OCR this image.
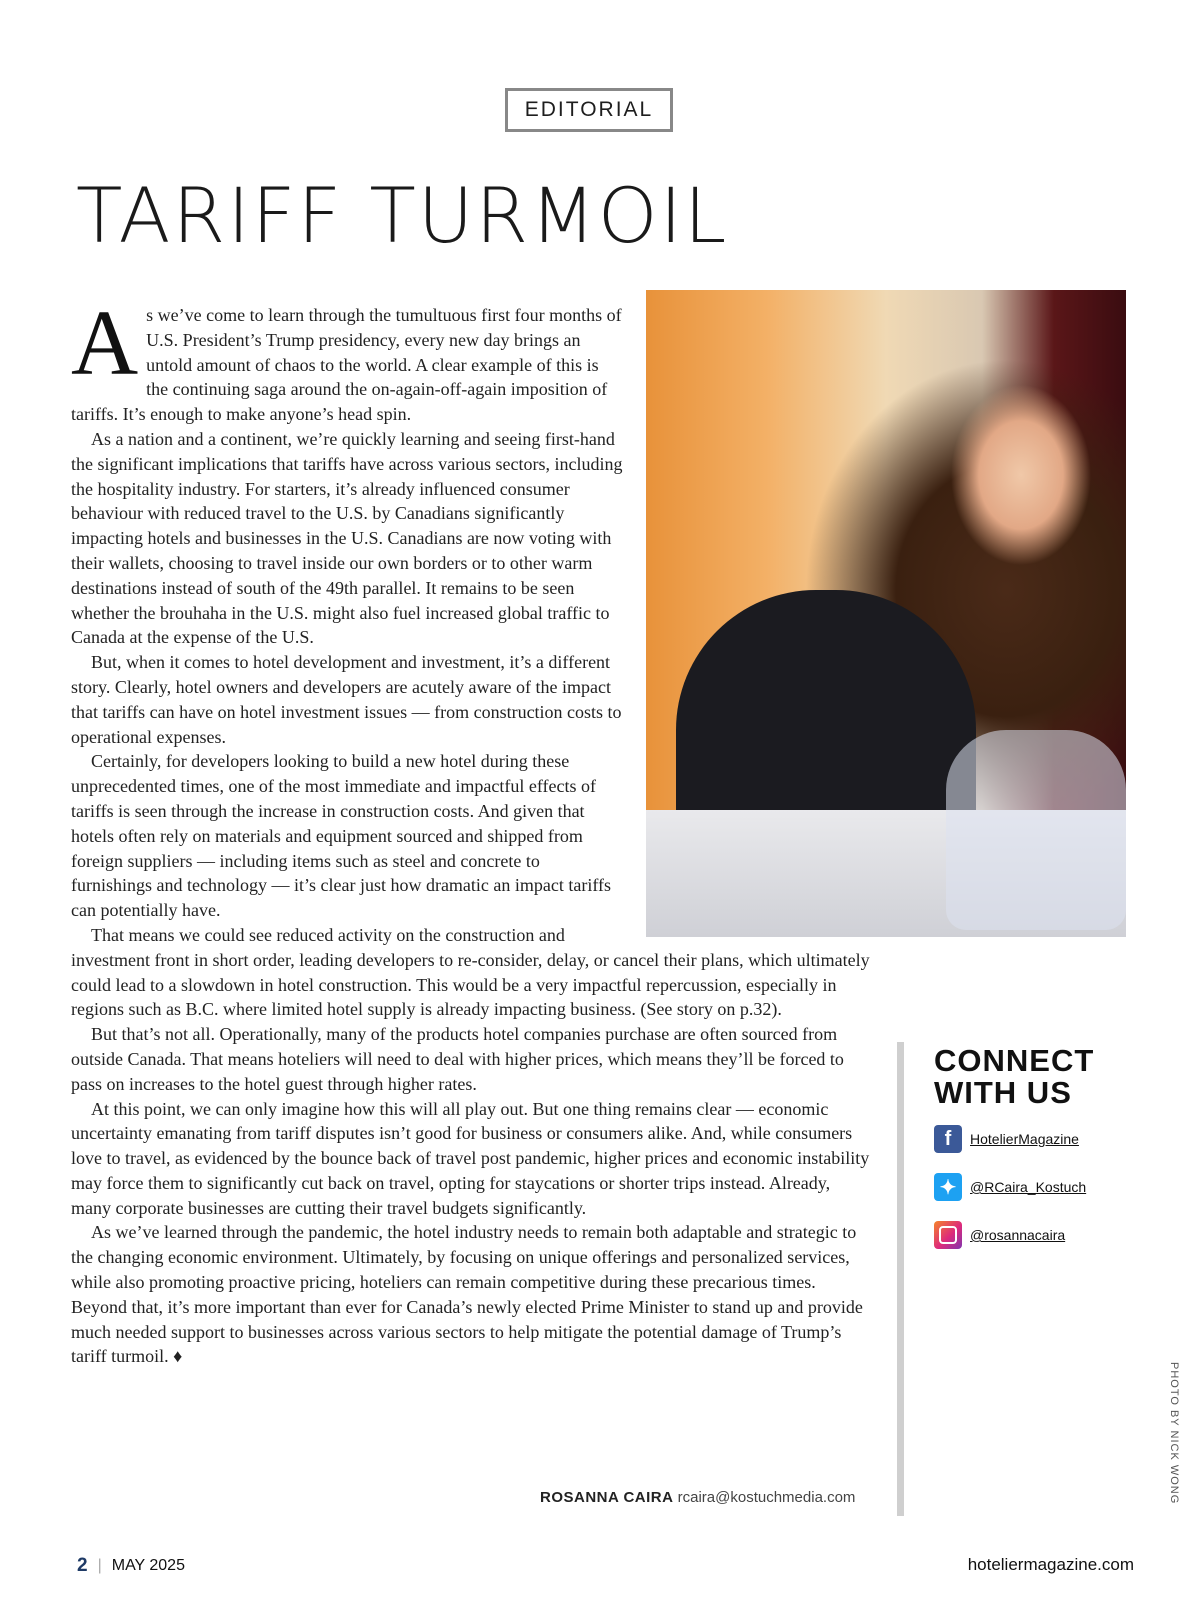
EDITORIAL
TARIFF TURMOIL

As we’ve come to learn through the tumultuous first four months of U.S. President’s Trump presidency, every new day brings an untold amount of chaos to the world. A clear example of this is the continuing saga around the on-again-off-again imposition of tariffs. It’s enough to make anyone’s head spin.

As a nation and a continent, we’re quickly learning and seeing first-hand the significant implications that tariffs have across various sectors, including the hospitality industry. For starters, it’s already influenced consumer behaviour with reduced travel to the U.S. by Canadians significantly impacting hotels and businesses in the U.S. Canadians are now voting with their wallets, choosing to travel inside our own borders or to other warm destinations instead of south of the 49th parallel. It remains to be seen whether the brouhaha in the U.S. might also fuel increased global traffic to Canada at the expense of the U.S.

But, when it comes to hotel development and investment, it’s a different story. Clearly, hotel owners and developers are acutely aware of the impact that tariffs can have on hotel investment issues — from construction costs to operational expenses.

Certainly, for developers looking to build a new hotel during these unprecedented times, one of the most immediate and impactful effects of tariffs is seen through the increase in construction costs. And given that hotels often rely on materials and equipment sourced and shipped from foreign suppliers — including items such as steel and concrete to furnishings and technology — it’s clear just how dramatic an impact tariffs can potentially have.

That means we could see reduced activity on the construction and investment front in short order, leading developers to re-consider, delay, or cancel their plans, which ultimately could lead to a slowdown in hotel construction. This would be a very impactful repercussion, especially in regions such as B.C. where limited hotel supply is already impacting business. (See story on p.32).

But that’s not all. Operationally, many of the products hotel companies purchase are often sourced from outside Canada. That means hoteliers will need to deal with higher prices, which means they’ll be forced to pass on increases to the hotel guest through higher rates.

At this point, we can only imagine how this will all play out. But one thing remains clear — economic uncertainty emanating from tariff disputes isn’t good for business or consumers alike. And, while consumers love to travel, as evidenced by the bounce back of travel post pandemic, higher prices and economic instability may force them to significantly cut back on travel, opting for staycations or shorter trips instead. Already, many corporate businesses are cutting their travel budgets significantly.

As we’ve learned through the pandemic, the hotel industry needs to remain both adaptable and strategic to the changing economic environment. Ultimately, by focusing on unique offerings and personalized services, while also promoting proactive pricing, hoteliers can remain competitive during these precarious times. Beyond that, it’s more important than ever for Canada’s newly elected Prime Minister to stand up and provide much needed support to businesses across various sectors to help mitigate the potential damage of Trump’s tariff turmoil. ♦

ROSANNA CAIRA rcaira@kostuchmedia.com
CONNECT
WITH US
f	HotelierMagazine
✦ @RCaira_Kostuch
@rosannacaira
PHOTO BY NICK WONG
2 | MAY 2025	hoteliermagazine.com
